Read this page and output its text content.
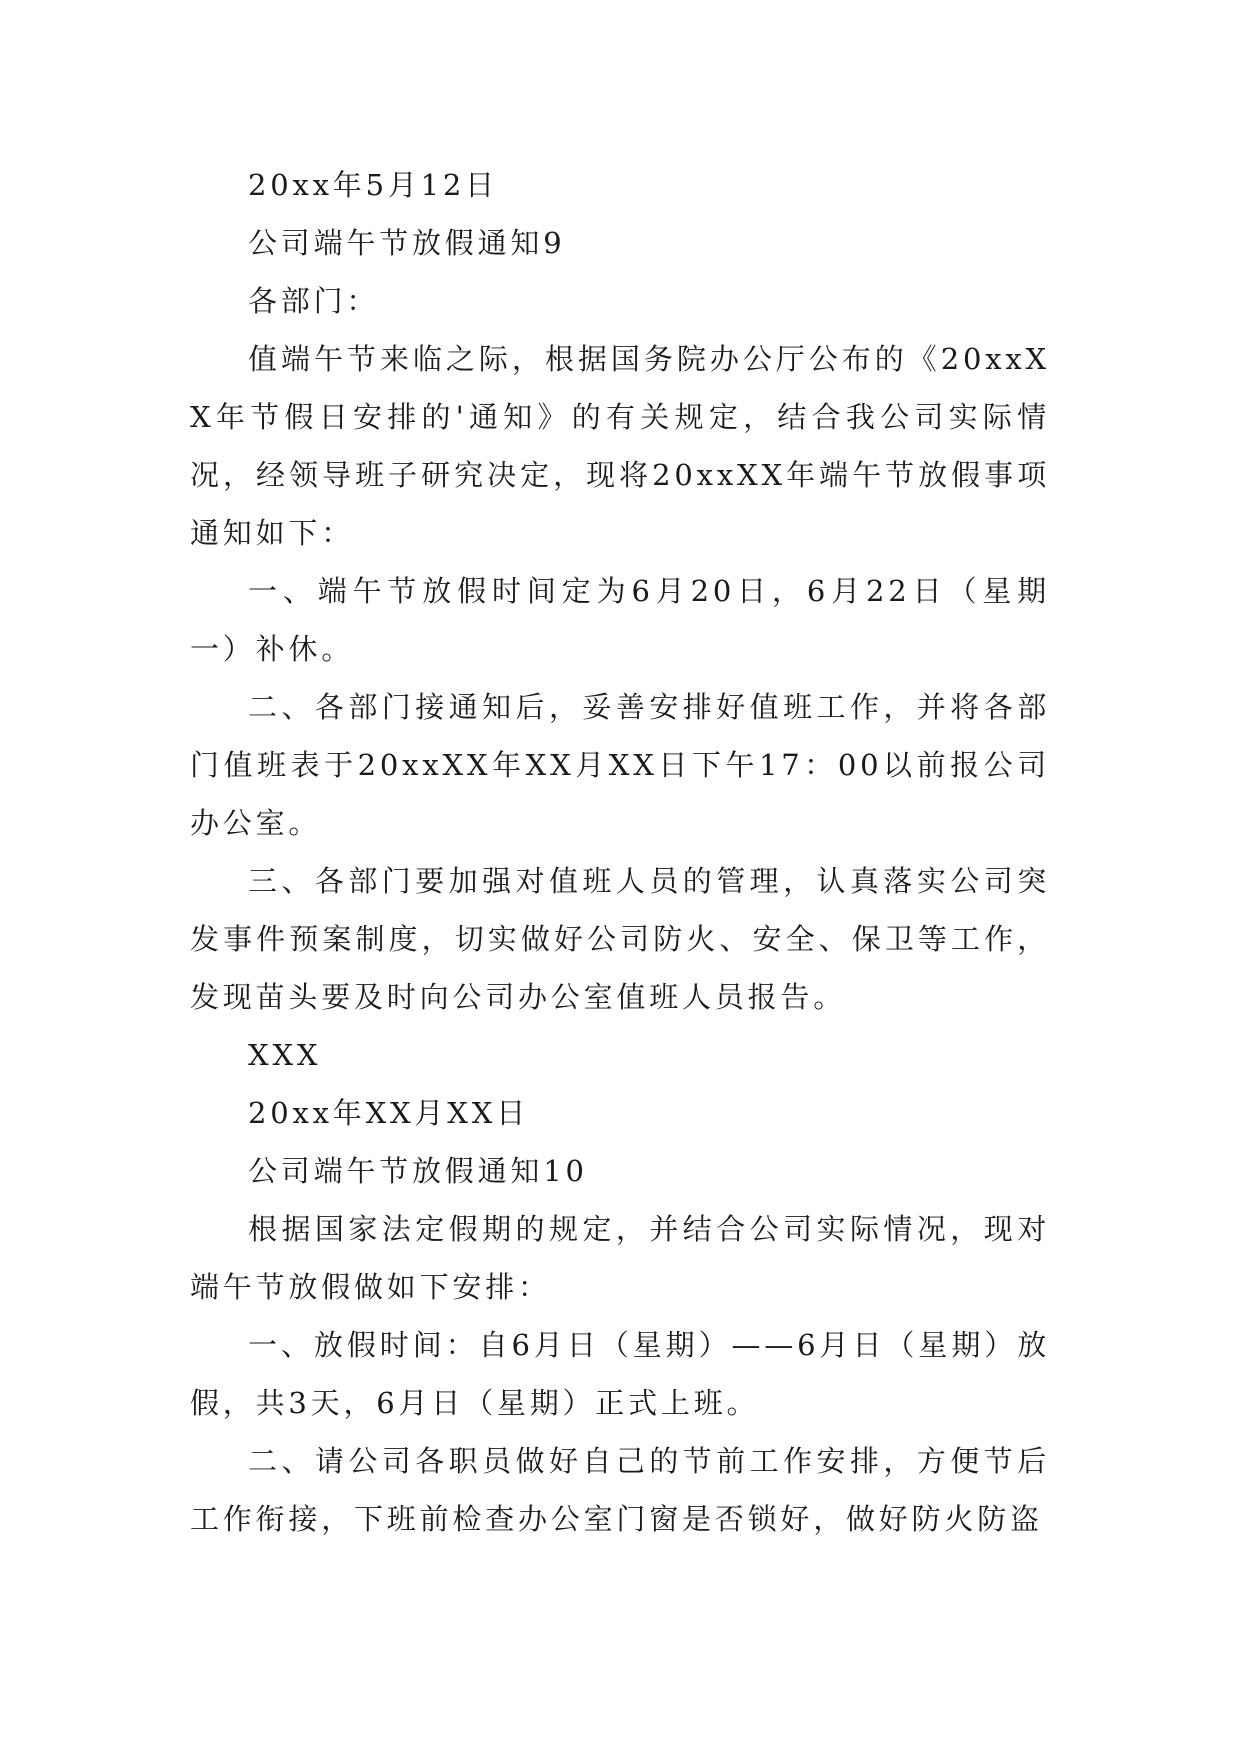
20xx年5月12日

公司端午节放假通知9

各部门：

值端午节来临之际，根据国务院办公厅公布的《20xxXX年节假日安排的'通知》的有关规定，结合我公司实际情况，经领导班子研究决定，现将20xxXX年端午节放假事项通知如下：

一、端午节放假时间定为6月20日，6月22日（星期一）补休。

二、各部门接通知后，妥善安排好值班工作，并将各部门值班表于20xxXX年XX月XX日下午17：00以前报公司办公室。

三、各部门要加强对值班人员的管理，认真落实公司突发事件预案制度，切实做好公司防火、安全、保卫等工作，发现苗头要及时向公司办公室值班人员报告。

XXX

20xx年XX月XX日

公司端午节放假通知10

根据国家法定假期的规定，并结合公司实际情况，现对端午节放假做如下安排：

一、放假时间：自6月日（星期）——6月日（星期）放假，共3天，6月日（星期）正式上班。

二、请公司各职员做好自己的节前工作安排，方便节后工作衔接，下班前检查办公室门窗是否锁好，做好防火防盗
